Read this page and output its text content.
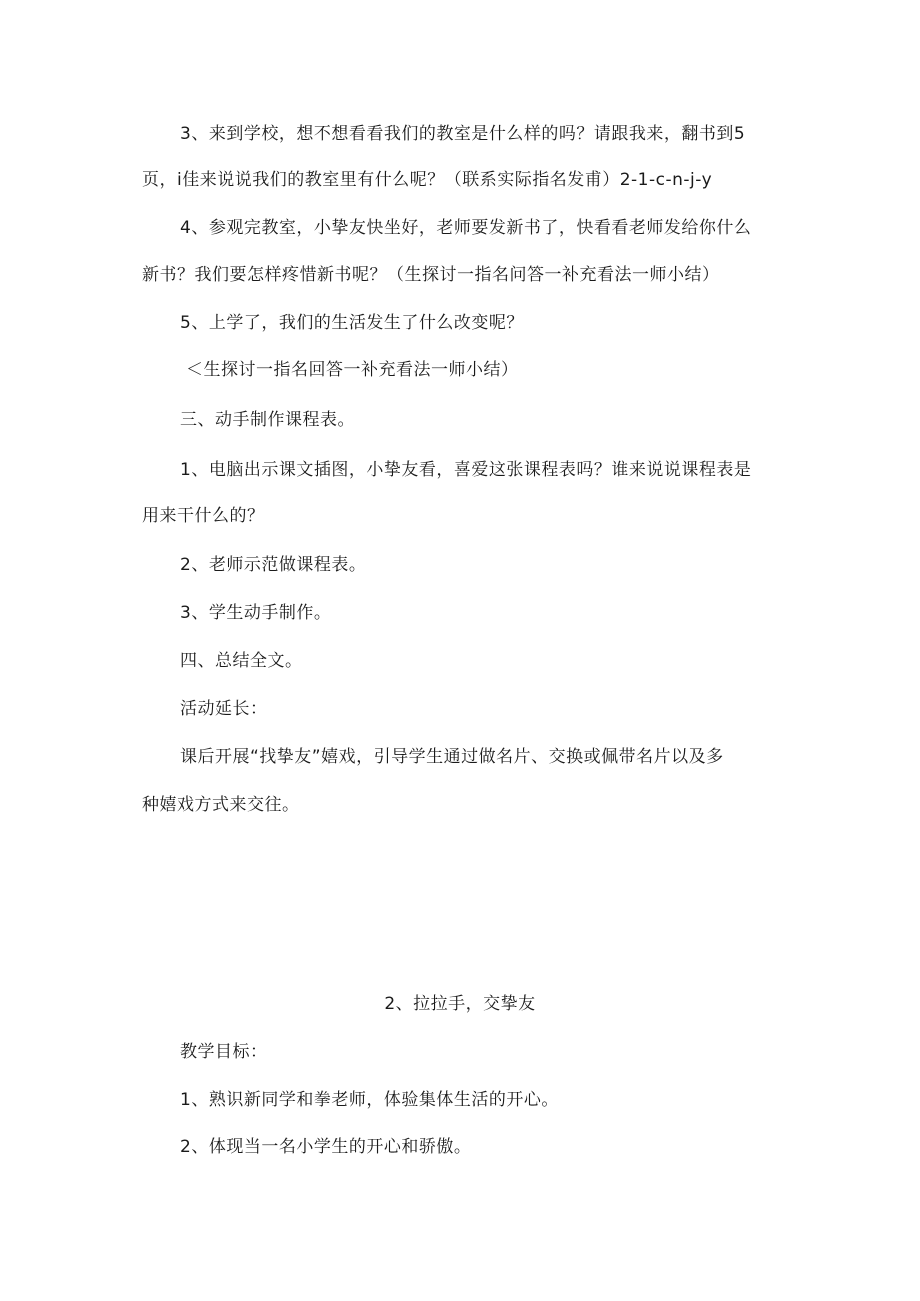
3、来到学校，想不想看看我们的教室是什么样的吗？请跟我来，翻书到5
页，i佳来说说我们的教室里有什么呢？（联系实际指名发甫）2-1-c-n-j-y
4、参观完教室，小挚友快坐好，老师要发新书了，快看看老师发给你什么
新书？我们要怎样疼惜新书呢？（生探讨一指名问答一补充看法一师小结）
5、上学了，我们的生活发生了什么改变呢？
＜生探讨一指名回答一补充看法一师小结）
三、动手制作课程表。
1、电脑出示课文插图，小挚友看，喜爱这张课程表吗？谁来说说课程表是
用来干什么的？
2、老师示范做课程表。
3、学生动手制作。
四、总结全文。
活动延长：
课后开展“找挚友”嬉戏，引导学生通过做名片、交换或佩带名片以及多
种嬉戏方式来交往。
2、拉拉手，交挚友
教学目标：
1、熟识新同学和拳老师，体验集体生活的开心。
2、体现当一名小学生的开心和骄傲。
